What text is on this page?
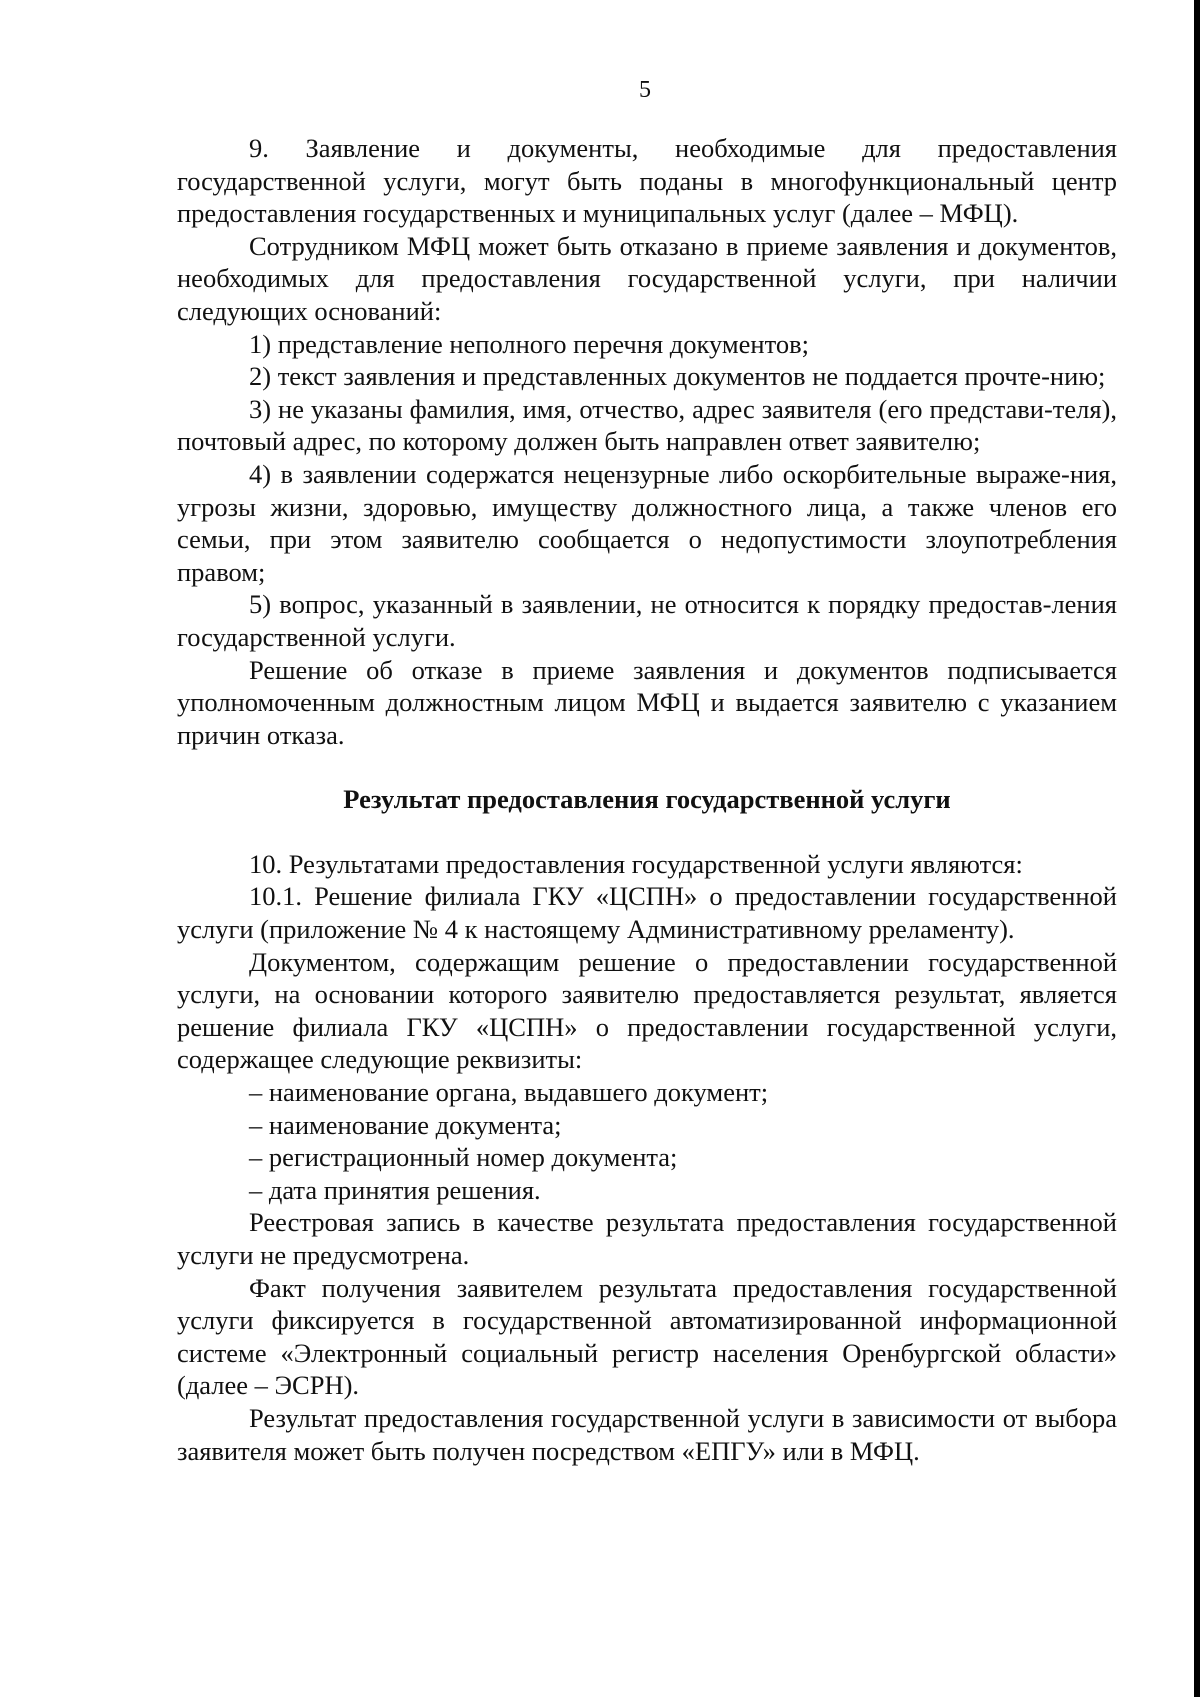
5

9. Заявление и документы, необходимые для предоставления государственной услуги, могут быть поданы в многофункциональный центр предоставления государственных и муниципальных услуг (далее – МФЦ).

Сотрудником МФЦ может быть отказано в приеме заявления и документов, необходимых для предоставления государственной услуги, при наличии следующих оснований:

1) представление неполного перечня документов;

2) текст заявления и представленных документов не поддается прочте-нию;

3) не указаны фамилия, имя, отчество, адрес заявителя (его представи-теля), почтовый адрес, по которому должен быть направлен ответ заявителю;

4) в заявлении содержатся нецензурные либо оскорбительные выраже-ния, угрозы жизни, здоровью, имуществу должностного лица, а также членов его семьи, при этом заявителю сообщается о недопустимости злоупотребления правом;

5) вопрос, указанный в заявлении, не относится к порядку предостав-ления государственной услуги.

Решение об отказе в приеме заявления и документов подписывается уполномоченным должностным лицом МФЦ и выдается заявителю с указанием причин отказа.

Результат предоставления государственной услуги

10. Результатами предоставления государственной услуги являются:

10.1. Решение филиала ГКУ «ЦСПН» о предоставлении государственной услуги (приложение № 4 к настоящему Административному рреламенту).

Документом, содержащим решение о предоставлении государственной услуги, на основании которого заявителю предоставляется результат, является решение филиала ГКУ «ЦСПН» о предоставлении государственной услуги, содержащее следующие реквизиты:

– наименование органа, выдавшего документ;

– наименование документа;

– регистрационный номер документа;

– дата принятия решения.

Реестровая запись в качестве результата предоставления государственной услуги не предусмотрена.

Факт получения заявителем результата предоставления государственной услуги фиксируется в государственной автоматизированной информационной системе «Электронный социальный регистр населения Оренбургской области» (далее – ЭСРН).

Результат предоставления государственной услуги в зависимости от выбора заявителя может быть получен посредством «ЕПГУ» или в МФЦ.
